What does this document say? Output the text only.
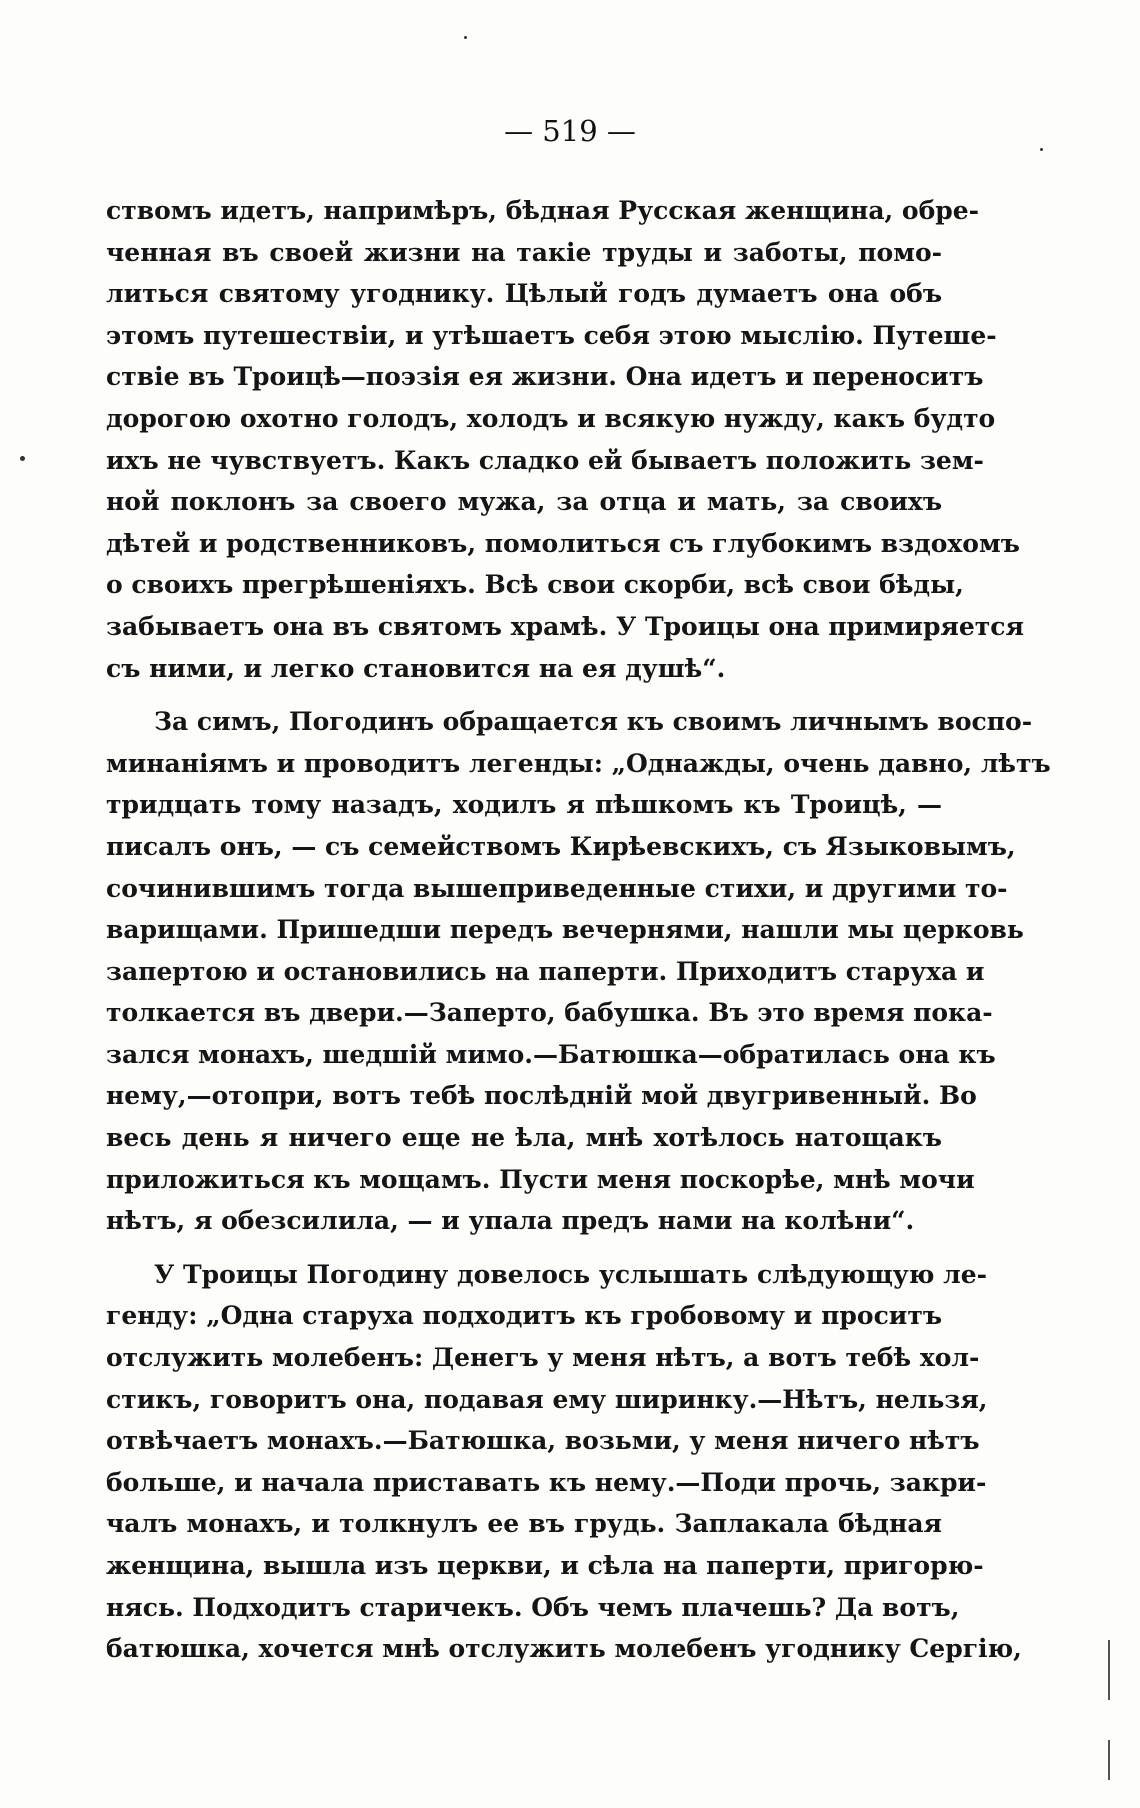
— 519 —
ствомъ идетъ, напримѣръ, бѣдная Русская женщина, обре-
ченная въ своей жизни на такіе труды и заботы, помо-
литься святому угоднику. Цѣлый годъ думаетъ она объ
этомъ путешествіи, и утѣшаетъ себя этою мыслію. Путеше-
ствіе въ Троицѣ—поэзія ея жизни. Она идетъ и переноситъ
дорогою охотно голодъ, холодъ и всякую нужду, какъ будто
ихъ не чувствуетъ. Какъ сладко ей бываетъ положить зем-
ной поклонъ за своего мужа, за отца и мать, за своихъ
дѣтей и родственниковъ, помолиться съ глубокимъ вздохомъ
о своихъ прегрѣшеніяхъ. Всѣ свои скорби, всѣ свои бѣды,
забываетъ она въ святомъ храмѣ. У Троицы она примиряется
съ ними, и легко становится на ея душѣ“.
За симъ, Погодинъ обращается къ своимъ личнымъ воспо-
минаніямъ и проводитъ легенды: „Однажды, очень давно, лѣтъ
тридцать тому назадъ, ходилъ я пѣшкомъ къ Троицѣ, —
писалъ онъ, — съ семействомъ Кирѣевскихъ, съ Языковымъ,
сочинившимъ тогда вышеприведенные стихи, и другими то-
варищами. Пришедши передъ вечернями, нашли мы церковь
запертою и остановились на паперти. Приходитъ старуха и
толкается въ двери.—Заперто, бабушка. Въ это время пока-
зался монахъ, шедшій мимо.—Батюшка—обратилась она къ
нему,—отопри, вотъ тебѣ послѣдній мой двугривенный. Во
весь день я ничего еще не ѣла, мнѣ хотѣлось натощакъ
приложиться къ мощамъ. Пусти меня поскорѣе, мнѣ мочи
нѣтъ, я обезсилила, — и упала предъ нами на колѣни“.
У Троицы Погодину довелось услышать слѣдующую ле-
генду: „Одна старуха подходитъ къ гробовому и проситъ
отслужить молебенъ: Денегъ у меня нѣтъ, а вотъ тебѣ хол-
стикъ, говоритъ она, подавая ему ширинку.—Нѣтъ, нельзя,
отвѣчаетъ монахъ.—Батюшка, возьми, у меня ничего нѣтъ
больше, и начала приставать къ нему.—Поди прочь, закри-
чалъ монахъ, и толкнулъ ее въ грудь. Заплакала бѣдная
женщина, вышла изъ церкви, и сѣла на паперти, пригорю-
нясь. Подходитъ старичекъ. Объ чемъ плачешь? Да вотъ,
батюшка, хочется мнѣ отслужить молебенъ угоднику Сергію,
